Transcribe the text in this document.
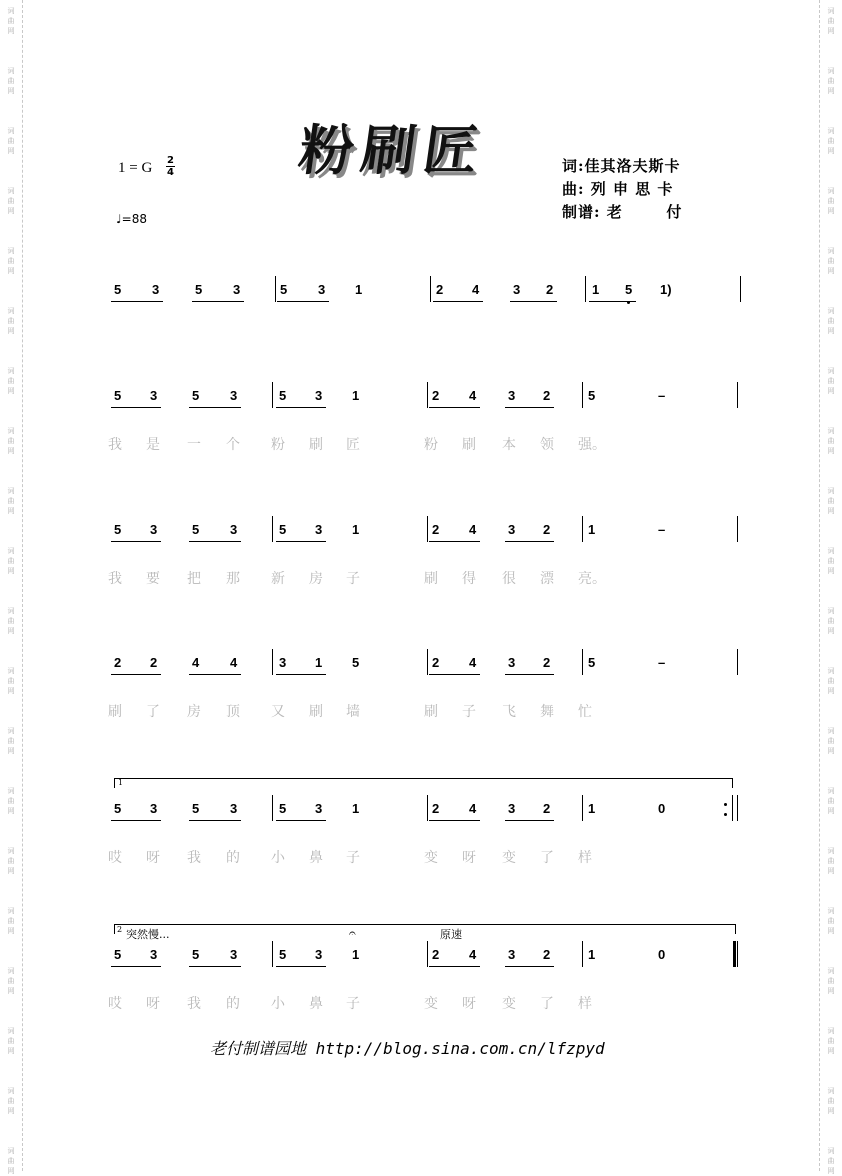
词
曲
网
词
曲
网
词
曲
网
词
曲
网
词
曲
网
词
曲
网
词
曲
网
词
曲
网
词
曲
网
词
曲
网
词
曲
网
词
曲
网
词
曲
网
词
曲
网
词
曲
网
词
曲
网
词
曲
网
词
曲
网
词
曲
网
词
曲
网
词
曲
网
词
曲
网
词
曲
网
词
曲
网
词
曲
网
词
曲
网
词
曲
网
词
曲
网
词
曲
网
词
曲
网
词
曲
网
词
曲
网
词
曲
网
词
曲
网
词
曲
网
词
曲
网
词
曲
网
词
曲
网
词
曲
网
词
曲
网
粉刷匠
1 = G 2
4
♩=88
词:佳其洛夫斯卡
曲: 列 申 思 卡
制谱: 老       付
5 3	5 3	5 3 1	2 4	3 2	1 5 1)
5 3	5 3	5 3 1	2 4 3 2	5	–
我 是 一 个 粉 刷 匠	粉 刷 本 领 强。
5 3	5 3	5 3 1	2 4 3 2	1	–
我 要 把 那 新 房 子	刷 得 很 漂 亮。
2 2	4 4	3 1 5	2 4 3 2	5	–
刷 了 房 顶 又 刷 墙	刷 子 飞 舞 忙
5 3	5 3	5 3 1	2 4 3 2	1	0
哎 呀 我 的 小 鼻 子	变 呀 变 了 样
5 3	5 3	5 3 1	2 4 3 2	1	0
哎 呀 我 的 小 鼻 子	变 呀 变 了 样
1
2 突然慢...	𝄐	原速
老付制谱园地 http://blog.sina.com.cn/lfzpyd
